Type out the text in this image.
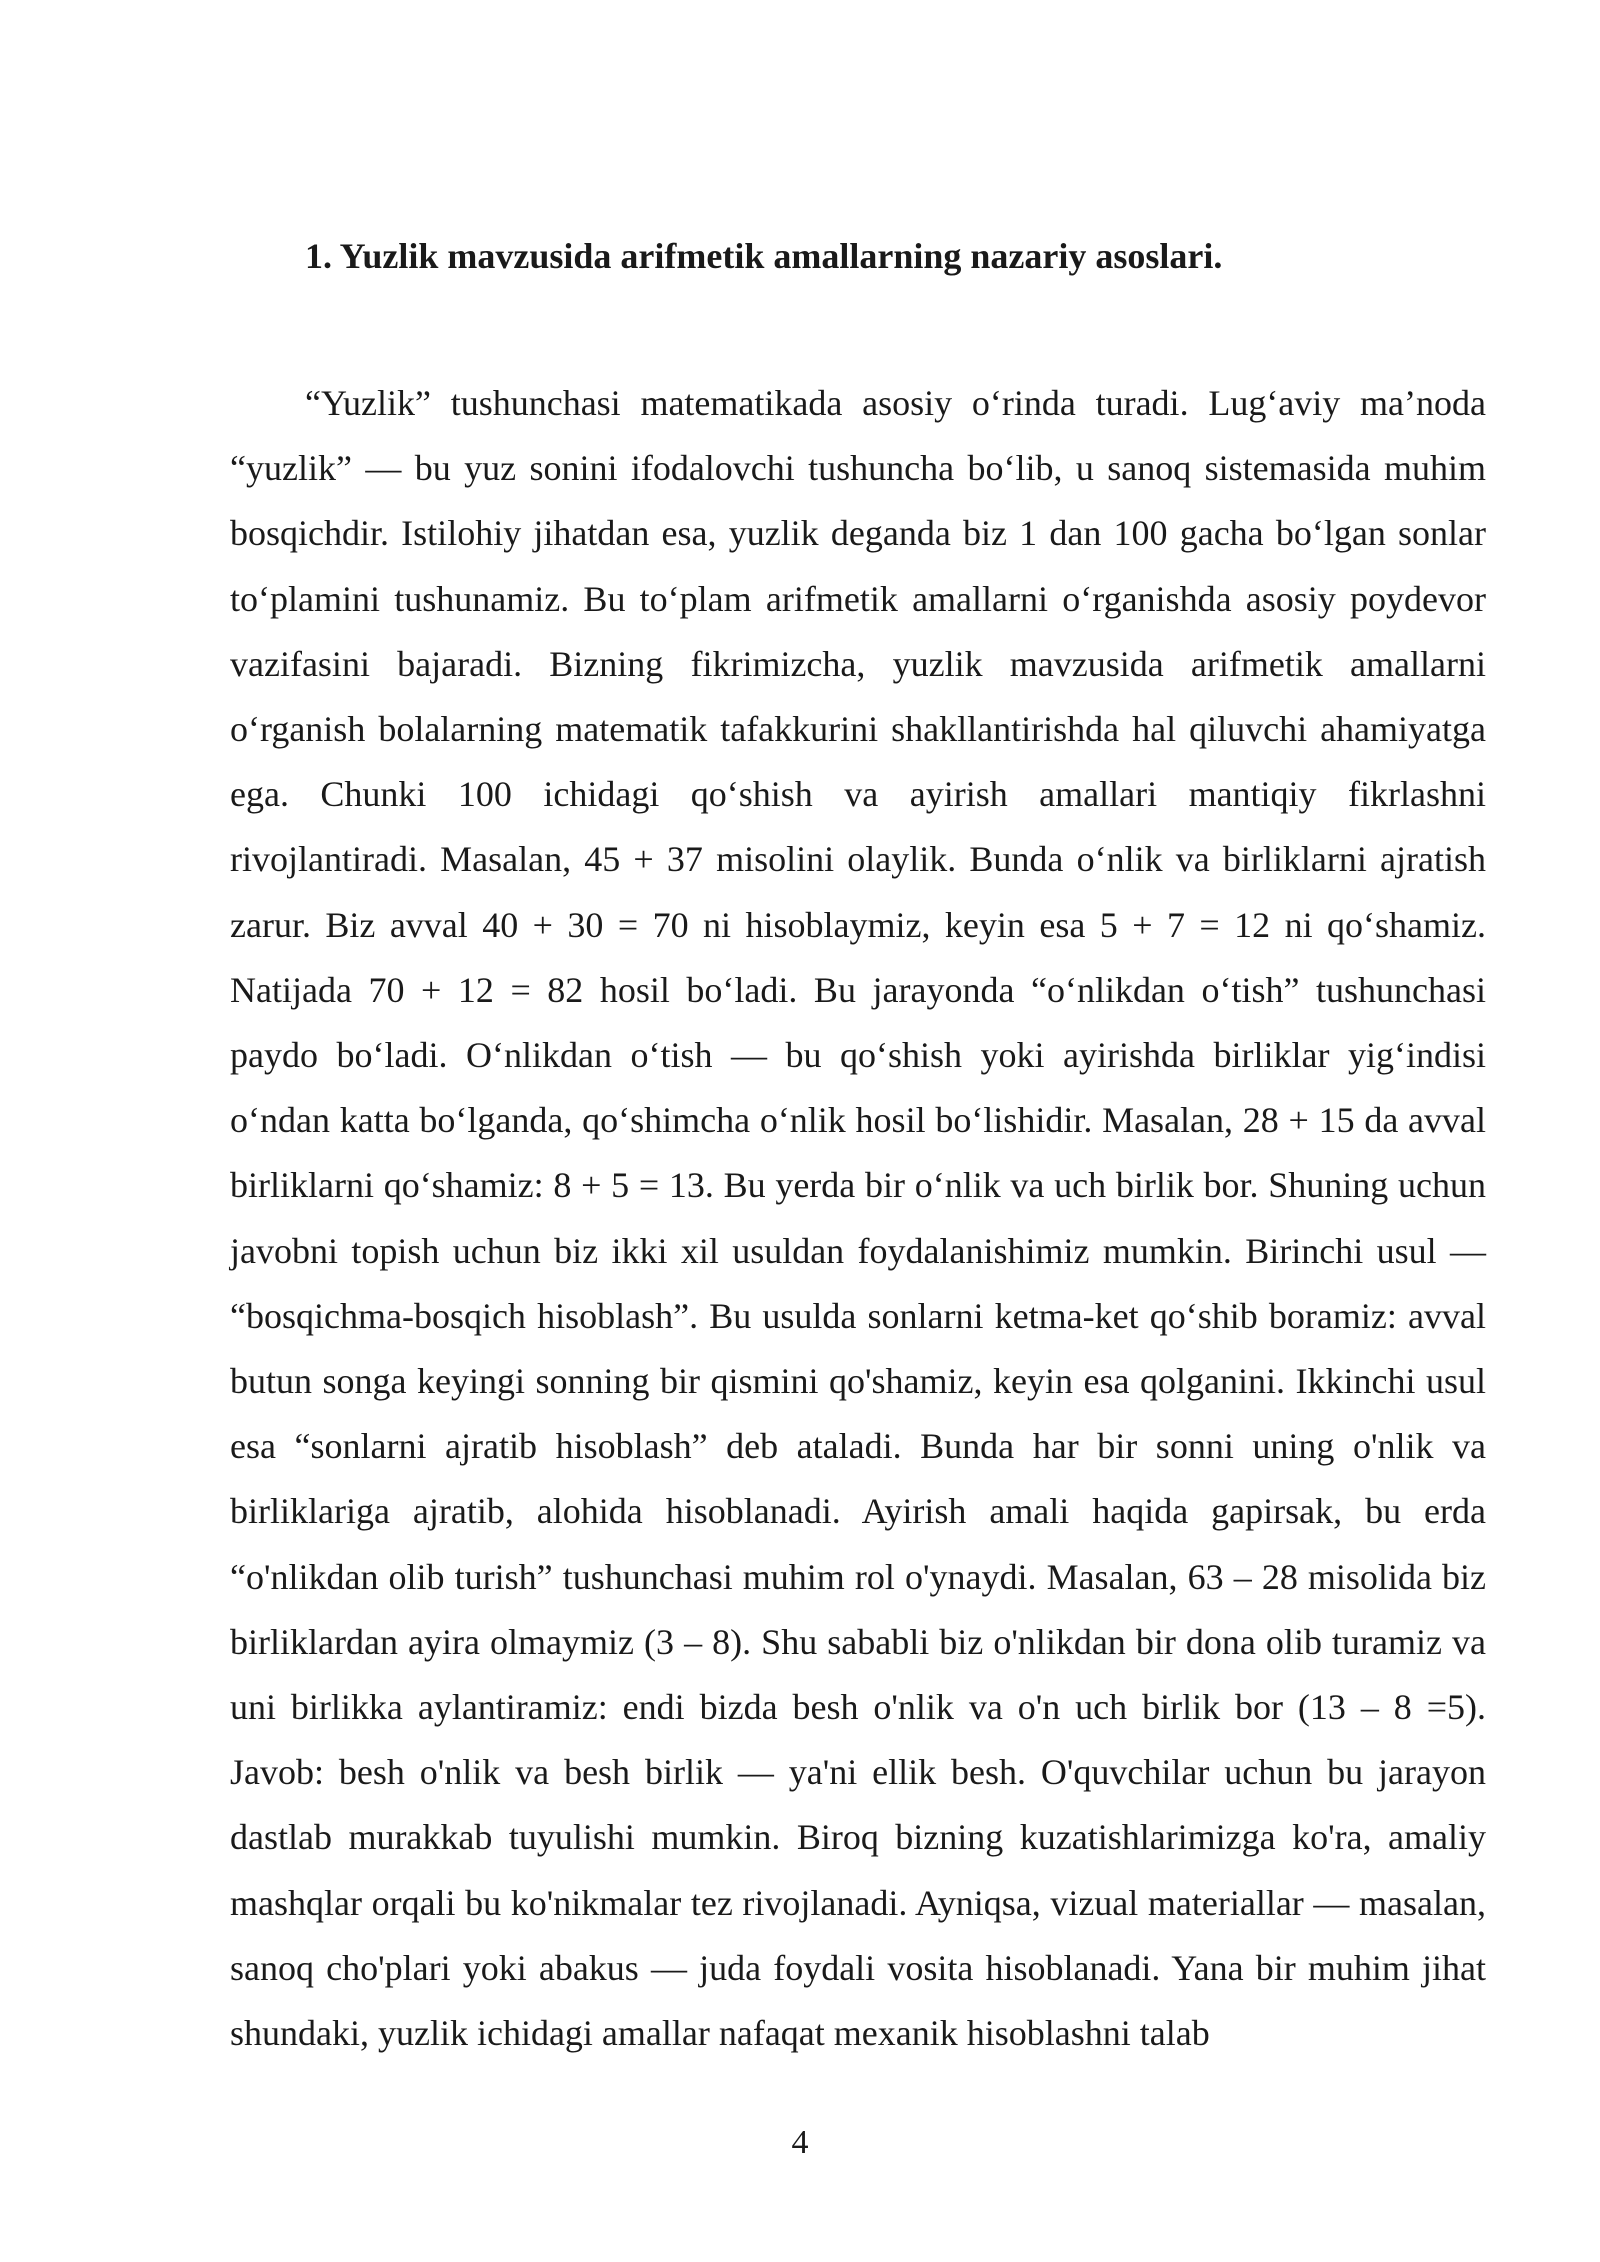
1. Yuzlik mavzusida arifmetik amallarning nazariy asoslari.

“Yuzlik” tushunchasi matematikada asosiy o‘rinda turadi. Lug‘aviy ma’noda “yuzlik” — bu yuz sonini ifodalovchi tushuncha bo‘lib, u sanoq sistemasida muhim bosqichdir. Istilohiy jihatdan esa, yuzlik deganda biz 1 dan 100 gacha bo‘lgan sonlar to‘plamini tushunamiz. Bu to‘plam arifmetik amallarni o‘rganishda asosiy poydevor vazifasini bajaradi. Bizning fikrimizcha, yuzlik mavzusida arifmetik amallarni o‘rganish bolalarning matematik tafakkurini shakllantirishda hal qiluvchi ahamiyatga ega. Chunki 100 ichidagi qo‘shish va ayirish amallari mantiqiy fikrlashni rivojlantiradi. Masalan, 45 + 37 misolini olaylik. Bunda o‘nlik va birliklarni ajratish zarur. Biz avval 40 + 30 = 70 ni hisoblaymiz, keyin esa 5 + 7 = 12 ni qo‘shamiz. Natijada 70 + 12 = 82 hosil bo‘ladi. Bu jarayonda “o‘nlikdan o‘tish” tushunchasi paydo bo‘ladi. O‘nlikdan o‘tish — bu qo‘shish yoki ayirishda birliklar yig‘indisi o‘ndan katta bo‘lganda, qo‘shimcha o‘nlik hosil bo‘lishidir. Masalan, 28 + 15 da avval birliklarni qo‘shamiz: 8 + 5 = 13. Bu yerda bir o‘nlik va uch birlik bor. Shuning uchun javobni topish uchun biz ikki xil usuldan foydalanishimiz mumkin. Birinchi usul — “bosqichma-bosqich hisoblash”. Bu usulda sonlarni ketma-ket qo‘shib boramiz: avval butun songa keyingi sonning bir qismini qo'shamiz, keyin esa qolganini. Ikkinchi usul esa “sonlarni ajratib hisoblash” deb ataladi. Bunda har bir sonni uning o'nlik va birliklariga ajratib, alohida hisoblanadi. Ayirish amali haqida gapirsak, bu erda “o'nlikdan olib turish” tushunchasi muhim rol o'ynaydi. Masalan, 63 – 28 misolida biz birliklardan ayira olmaymiz (3 – 8). Shu sababli biz o'nlikdan bir dona olib turamiz va uni birlikka aylantiramiz: endi bizda besh o'nlik va o'n uch birlik bor (13 – 8 =5). Javob: besh o'nlik va besh birlik — ya'ni ellik besh. O'quvchilar uchun bu jarayon dastlab murakkab tuyulishi mumkin. Biroq bizning kuzatishlarimizga ko'ra, amaliy mashqlar orqali bu ko'nikmalar tez rivojlanadi. Ayniqsa, vizual materiallar — masalan, sanoq cho'plari yoki abakus — juda foydali vosita hisoblanadi. Yana bir muhim jihat shundaki, yuzlik ichidagi amallar nafaqat mexanik hisoblashni talab

4
